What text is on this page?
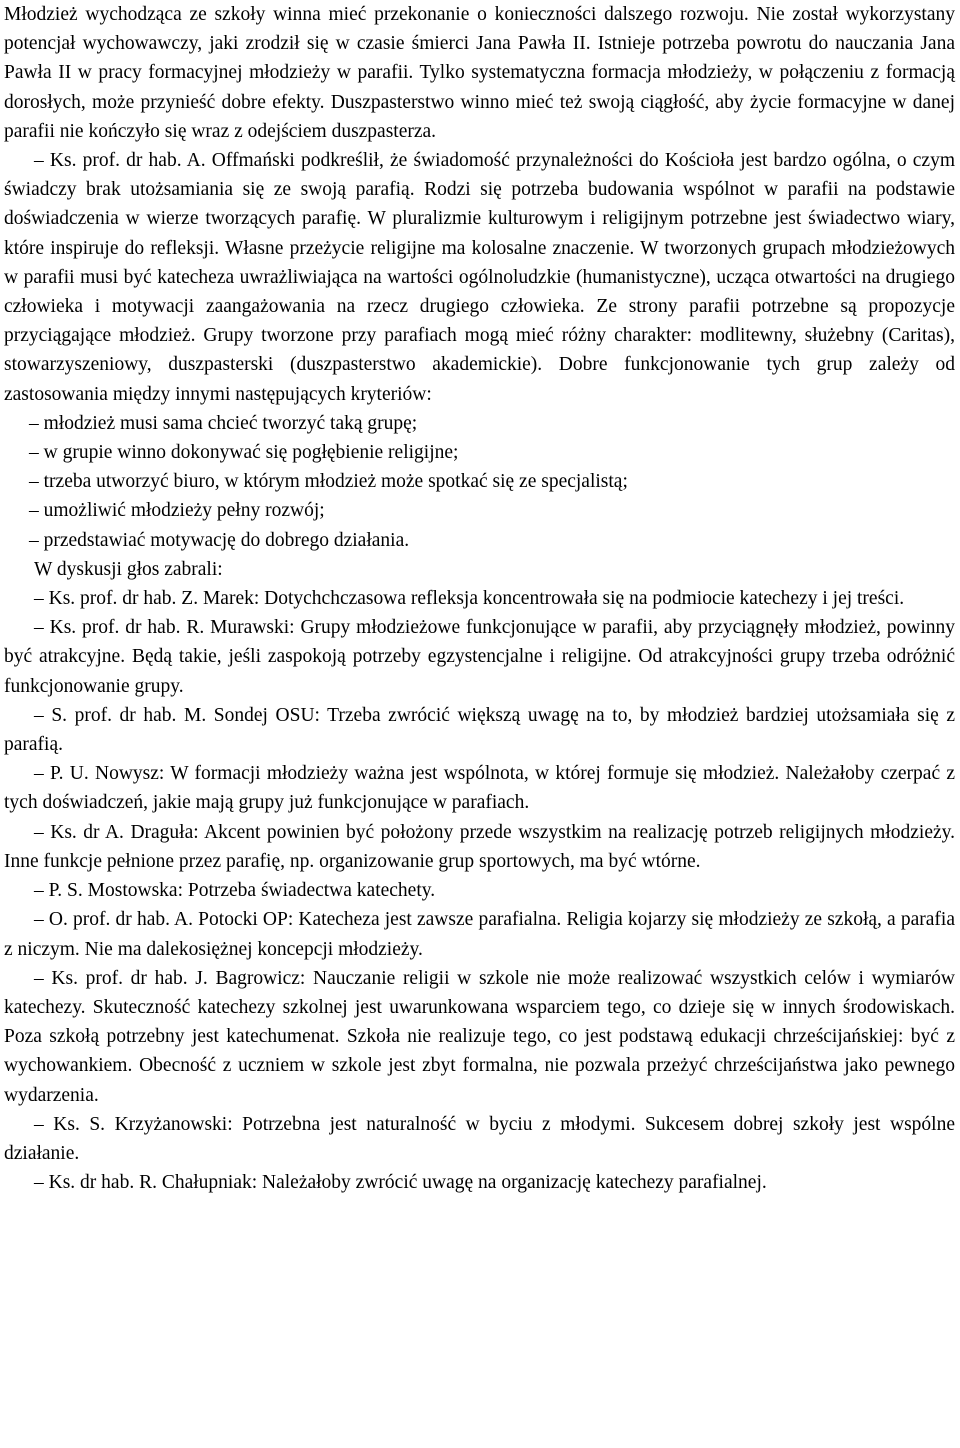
Młodzież wychodząca ze szkoły winna mieć przekonanie o konieczności dalszego rozwoju. Nie został wykorzystany potencjał wychowawczy, jaki zrodził się w czasie śmierci Jana Pawła II. Istnieje potrzeba powrotu do nauczania Jana Pawła II w pracy formacyjnej młodzieży w parafii. Tylko systematyczna formacja młodzieży, w połączeniu z formacją dorosłych, może przynieść dobre efekty. Duszpasterstwo winno mieć też swoją ciągłość, aby życie formacyjne w danej parafii nie kończyło się wraz z odejściem duszpasterza.

– Ks. prof. dr hab. A. Offmański podkreślił, że świadomość przynależności do Kościoła jest bardzo ogólna, o czym świadczy brak utożsamiania się ze swoją parafią. Rodzi się potrzeba budowania wspólnot w parafii na podstawie doświadczenia w wierze tworzących parafię. W pluralizmie kulturowym i religijnym potrzebne jest świadectwo wiary, które inspiruje do refleksji. Własne przeżycie religijne ma kolosalne znaczenie. W tworzonych grupach młodzieżowych w parafii musi być katecheza uwrażliwiająca na wartości ogólnoludzkie (humanistyczne), ucząca otwartości na drugiego człowieka i motywacji zaangażowania na rzecz drugiego człowieka. Ze strony parafii potrzebne są propozycje przyciągające młodzież. Grupy tworzone przy parafiach mogą mieć różny charakter: modlitewny, służebny (Caritas), stowarzyszeniowy, duszpasterski (duszpasterstwo akademickie). Dobre funkcjonowanie tych grup zależy od zastosowania między innymi następujących kryteriów:

– młodzież musi sama chcieć tworzyć taką grupę;

– w grupie winno dokonywać się pogłębienie religijne;

– trzeba utworzyć biuro, w którym młodzież może spotkać się ze specjalistą;

– umożliwić młodzieży pełny rozwój;

– przedstawiać motywację do dobrego działania.

W dyskusji głos zabrali:

– Ks. prof. dr hab. Z. Marek: Dotychchczasowa refleksja koncentrowała się na podmiocie katechezy i jej treści.

– Ks. prof. dr hab. R. Murawski: Grupy młodzieżowe funkcjonujące w parafii, aby przyciągnęły młodzież, powinny być atrakcyjne. Będą takie, jeśli zaspokoją potrzeby egzystencjalne i religijne. Od atrakcyjności grupy trzeba odróżnić funkcjonowanie grupy.

– S. prof. dr hab. M. Sondej OSU: Trzeba zwrócić większą uwagę na to, by młodzież bardziej utożsamiała się z parafią.

– P. U. Nowysz: W formacji młodzieży ważna jest wspólnota, w której formuje się młodzież. Należałoby czerpać z tych doświadczeń, jakie mają grupy już funkcjonujące w parafiach.

– Ks. dr A. Draguła: Akcent powinien być położony przede wszystkim na realizację potrzeb religijnych młodzieży. Inne funkcje pełnione przez parafię, np. organizowanie grup sportowych, ma być wtórne.

– P. S. Mostowska: Potrzeba świadectwa katechety.

– O. prof. dr hab. A. Potocki OP: Katecheza jest zawsze parafialna. Religia kojarzy się młodzieży ze szkołą, a parafia z niczym. Nie ma dalekosiężnej koncepcji młodzieży.

– Ks. prof. dr hab. J. Bagrowicz: Nauczanie religii w szkole nie może realizować wszystkich celów i wymiarów katechezy. Skuteczność katechezy szkolnej jest uwarunkowana wsparciem tego, co dzieje się w innych środowiskach. Poza szkołą potrzebny jest katechumenat. Szkoła nie realizuje tego, co jest podstawą edukacji chrześcijańskiej: być z wychowankiem. Obecność z uczniem w szkole jest zbyt formalna, nie pozwala przeżyć chrześcijaństwa jako pewnego wydarzenia.

– Ks. S. Krzyżanowski: Potrzebna jest naturalność w byciu z młodymi. Sukcesem dobrej szkoły jest wspólne działanie.

– Ks. dr hab. R. Chałupniak: Należałoby zwrócić uwagę na organizację katechezy parafialnej.
